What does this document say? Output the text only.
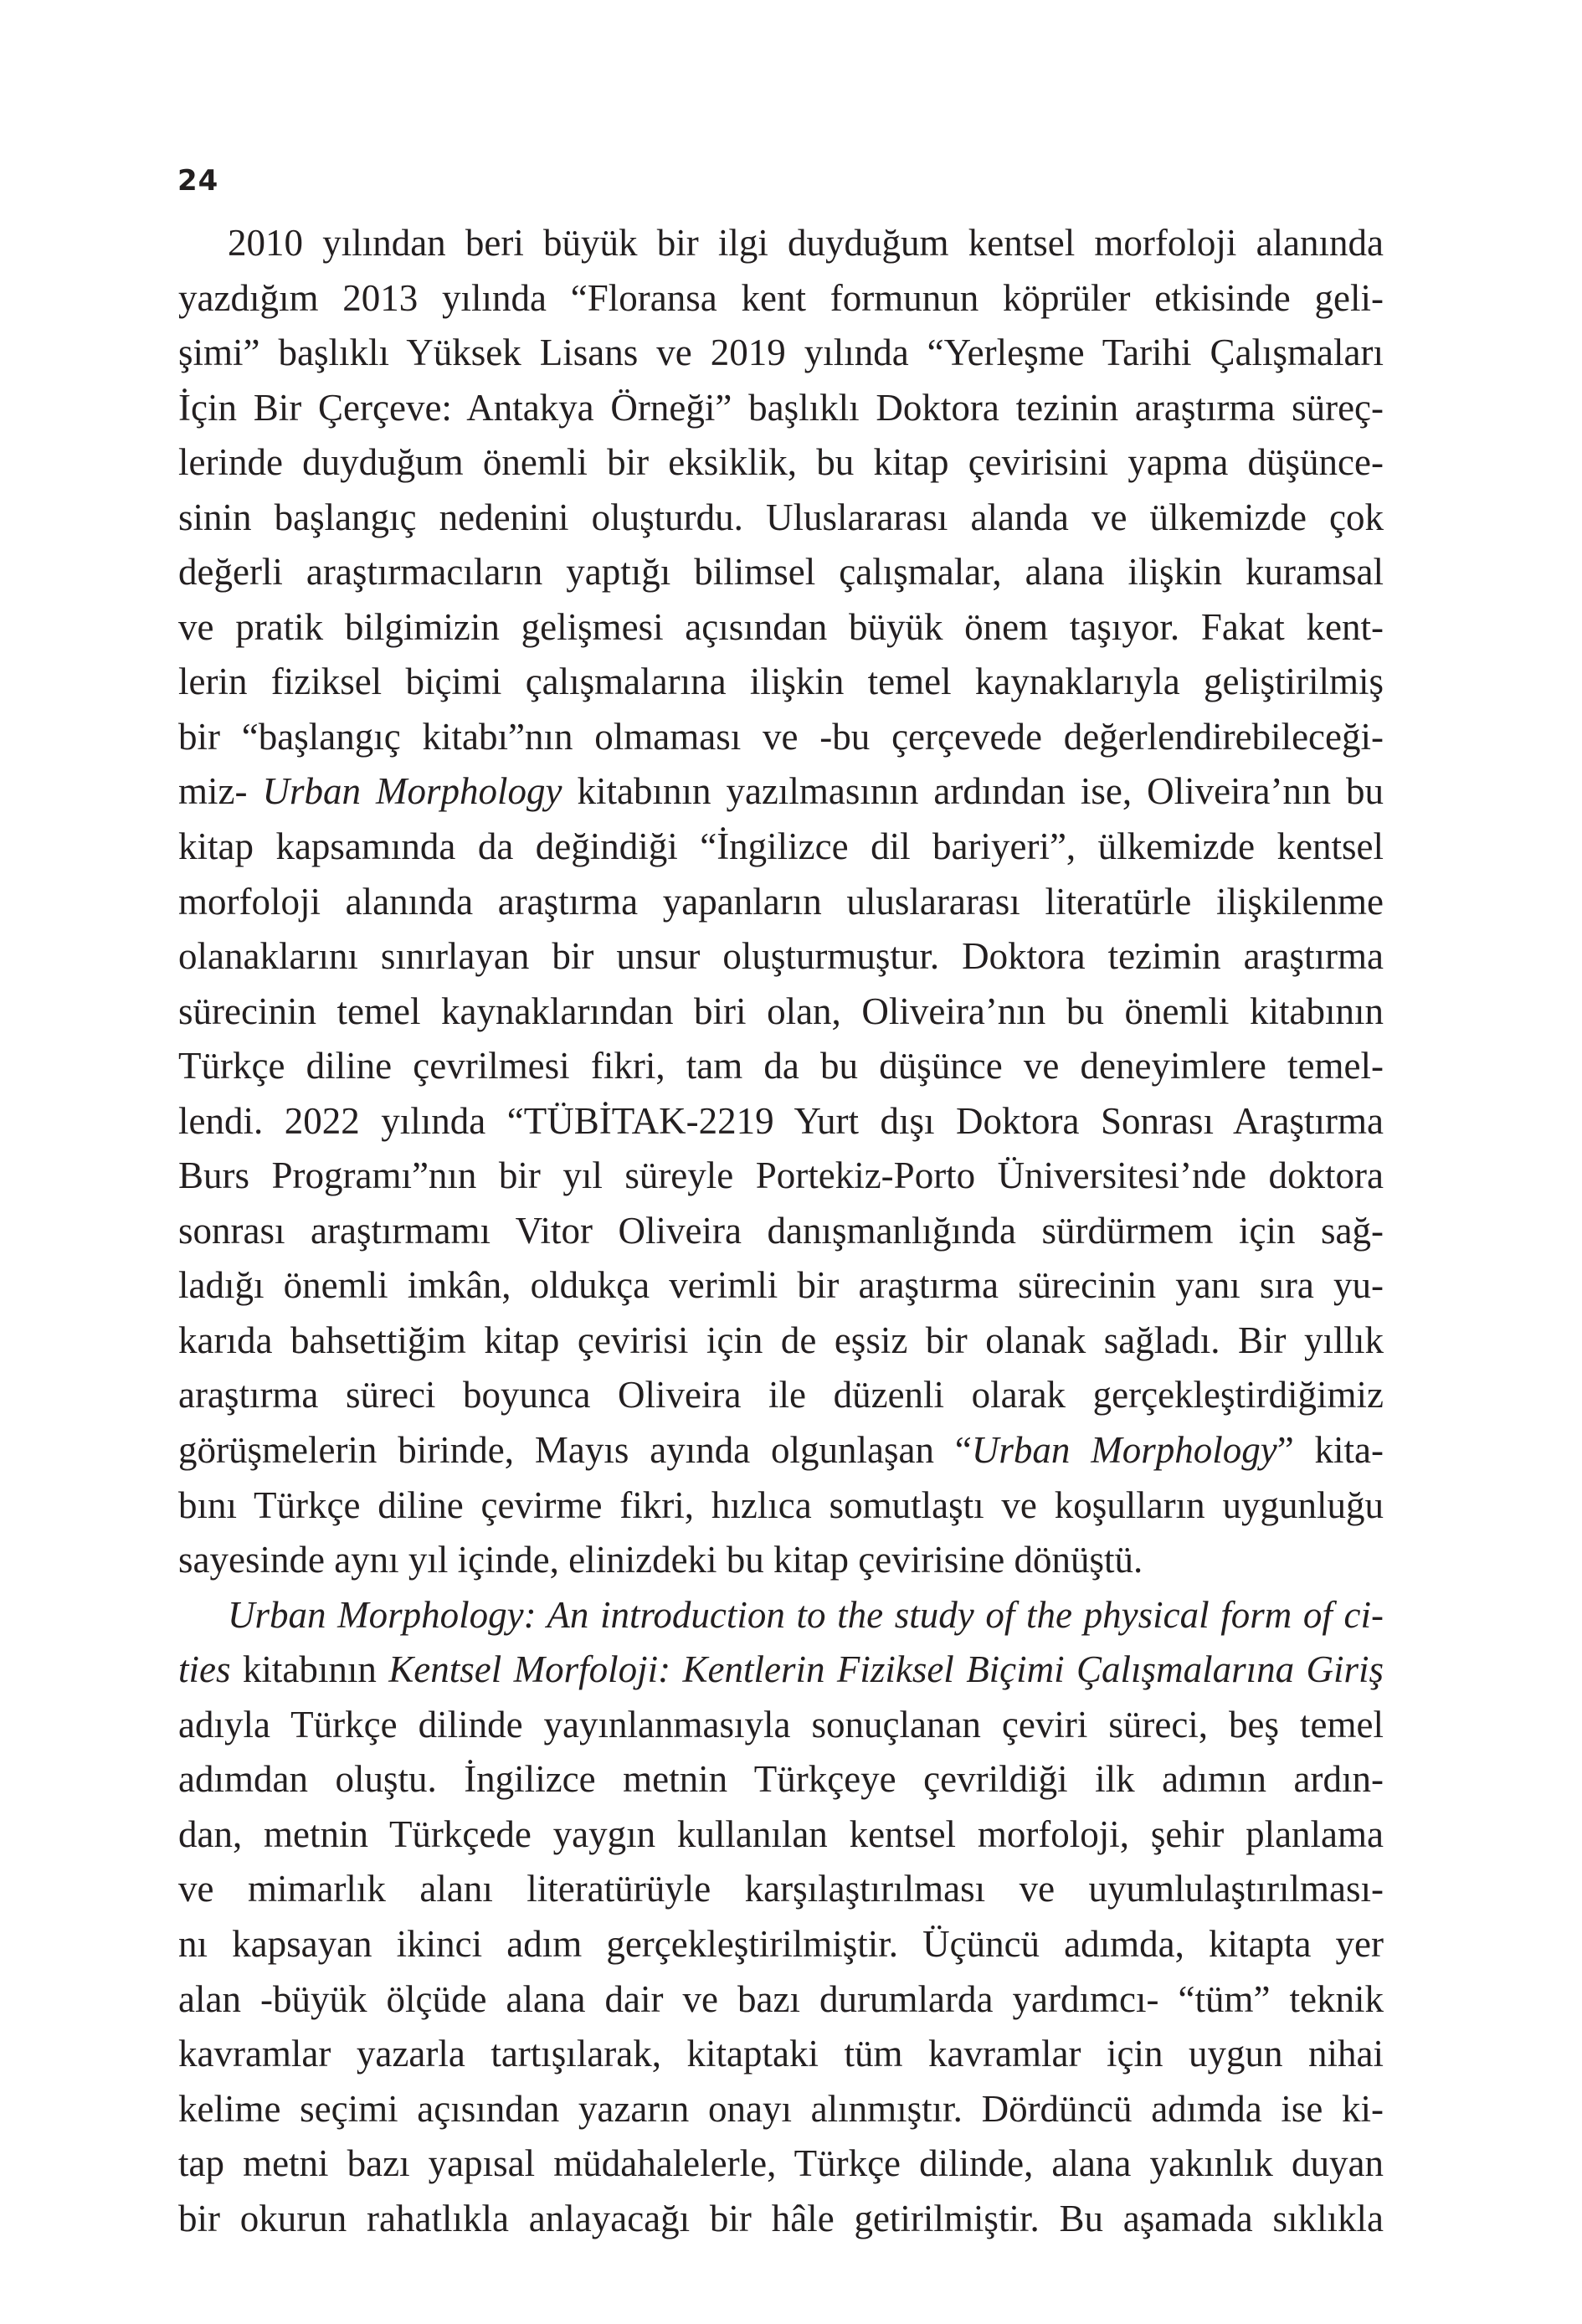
24
2010 yılından beri büyük bir ilgi duyduğum kentsel morfoloji alanında
yazdığım 2013 yılında “Floransa kent formunun köprüler etkisinde geli-
şimi” başlıklı Yüksek Lisans ve 2019 yılında “Yerleşme Tarihi Çalışmaları
İçin Bir Çerçeve: Antakya Örneği” başlıklı Doktora tezinin araştırma süreç-
lerinde duyduğum önemli bir eksiklik, bu kitap çevirisini yapma düşünce-
sinin başlangıç nedenini oluşturdu. Uluslararası alanda ve ülkemizde çok
değerli araştırmacıların yaptığı bilimsel çalışmalar, alana ilişkin kuramsal
ve pratik bilgimizin gelişmesi açısından büyük önem taşıyor. Fakat kent-
lerin fiziksel biçimi çalışmalarına ilişkin temel kaynaklarıyla geliştirilmiş
bir “başlangıç kitabı”nın olmaması ve -bu çerçevede değerlendirebileceği-
miz- Urban Morphology kitabının yazılmasının ardından ise, Oliveira’nın bu
kitap kapsamında da değindiği “İngilizce dil bariyeri”, ülkemizde kentsel
morfoloji alanında araştırma yapanların uluslararası literatürle ilişkilenme
olanaklarını sınırlayan bir unsur oluşturmuştur. Doktora tezimin araştırma
sürecinin temel kaynaklarından biri olan, Oliveira’nın bu önemli kitabının
Türkçe diline çevrilmesi fikri, tam da bu düşünce ve deneyimlere temel-
lendi. 2022 yılında “TÜBİTAK-2219 Yurt dışı Doktora Sonrası Araştırma
Burs Programı”nın bir yıl süreyle Portekiz-Porto Üniversitesi’nde doktora
sonrası araştırmamı Vitor Oliveira danışmanlığında sürdürmem için sağ-
ladığı önemli imkân, oldukça verimli bir araştırma sürecinin yanı sıra yu-
karıda bahsettiğim kitap çevirisi için de eşsiz bir olanak sağladı. Bir yıllık
araştırma süreci boyunca Oliveira ile düzenli olarak gerçekleştirdiğimiz
görüşmelerin birinde, Mayıs ayında olgunlaşan “Urban Morphology” kita-
bını Türkçe diline çevirme fikri, hızlıca somutlaştı ve koşulların uygunluğu
sayesinde aynı yıl içinde, elinizdeki bu kitap çevirisine dönüştü.
Urban Morphology: An introduction to the study of the physical form of ci-
ties kitabının Kentsel Morfoloji: Kentlerin Fiziksel Biçimi Çalışmalarına Giriş
adıyla Türkçe dilinde yayınlanmasıyla sonuçlanan çeviri süreci, beş temel
adımdan oluştu. İngilizce metnin Türkçeye çevrildiği ilk adımın ardın-
dan, metnin Türkçede yaygın kullanılan kentsel morfoloji, şehir planlama
ve mimarlık alanı literatürüyle karşılaştırılması ve uyumlulaştırılması-
nı kapsayan ikinci adım gerçekleştirilmiştir. Üçüncü adımda, kitapta yer
alan -büyük ölçüde alana dair ve bazı durumlarda yardımcı- “tüm” teknik
kavramlar yazarla tartışılarak, kitaptaki tüm kavramlar için uygun nihai
kelime seçimi açısından yazarın onayı alınmıştır. Dördüncü adımda ise ki-
tap metni bazı yapısal müdahalelerle, Türkçe dilinde, alana yakınlık duyan
bir okurun rahatlıkla anlayacağı bir hâle getirilmiştir. Bu aşamada sıklıkla
